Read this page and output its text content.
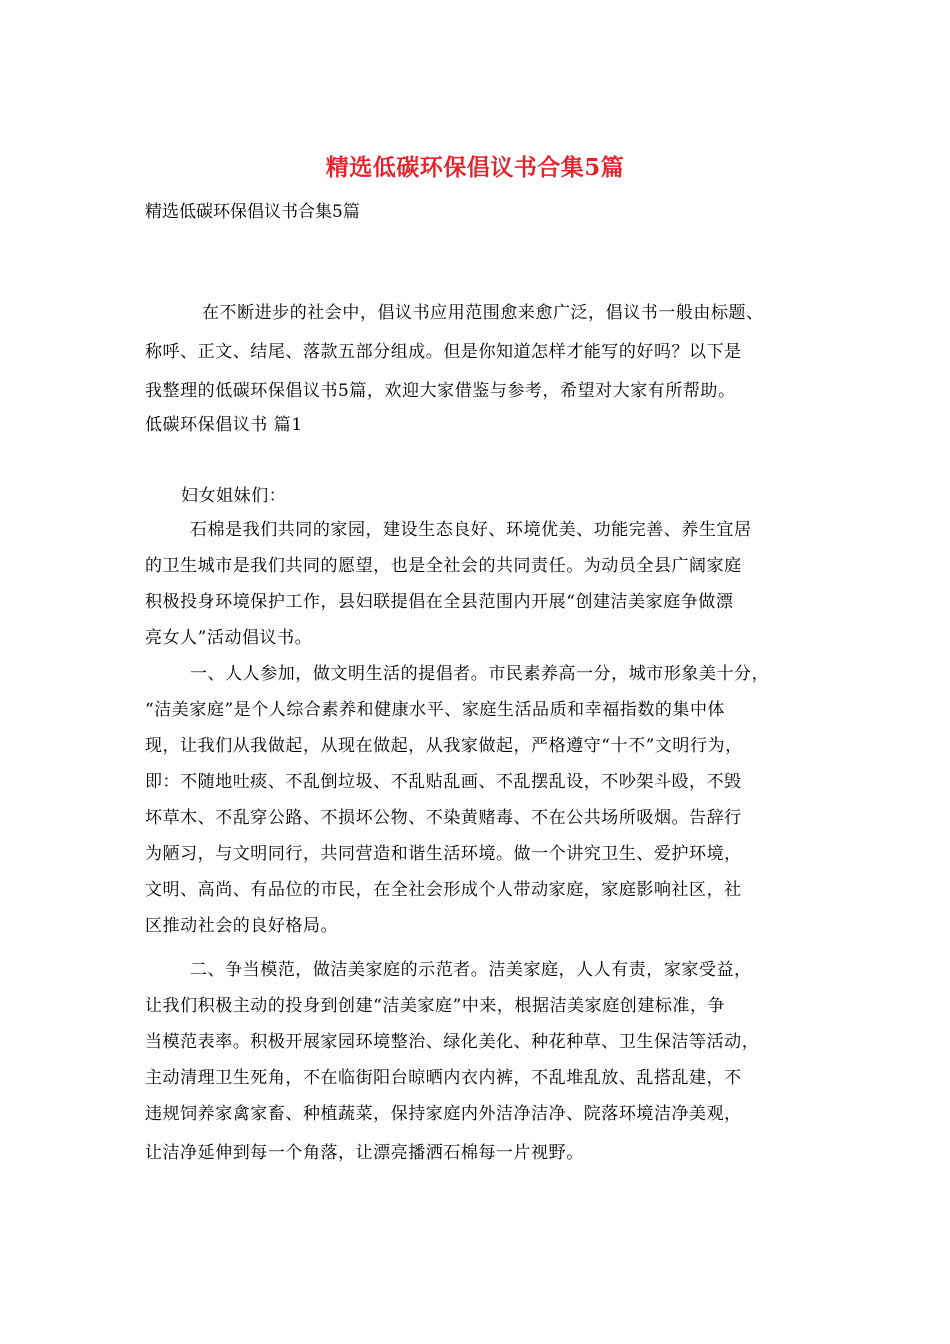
精选低碳环保倡议书合集5篇
精选低碳环保倡议书合集5篇
在不断进步的社会中，倡议书应用范围愈来愈广泛，倡议书一般由标题、
称呼、正文、结尾、落款五部分组成。但是你知道怎样才能写的好吗？以下是
我整理的低碳环保倡议书5篇，欢迎大家借鉴与参考，希望对大家有所帮助。
低碳环保倡议书 篇1
妇女姐妹们：
石棉是我们共同的家园，建设生态良好、环境优美、功能完善、养生宜居
的卫生城市是我们共同的愿望，也是全社会的共同责任。为动员全县广阔家庭
积极投身环境保护工作，县妇联提倡在全县范围内开展“创建洁美家庭争做漂
亮女人”活动倡议书。
一、人人参加，做文明生活的提倡者。市民素养高一分，城市形象美十分，
“洁美家庭”是个人综合素养和健康水平、家庭生活品质和幸福指数的集中体
现，让我们从我做起，从现在做起，从我家做起，严格遵守“十不”文明行为，
即：不随地吐痰、不乱倒垃圾、不乱贴乱画、不乱摆乱设，不吵架斗殴，不毁
坏草木、不乱穿公路、不损坏公物、不染黄赌毒、不在公共场所吸烟。告辞行
为陋习，与文明同行，共同营造和谐生活环境。做一个讲究卫生、爱护环境，
文明、高尚、有品位的市民，在全社会形成个人带动家庭，家庭影响社区，社
区推动社会的良好格局。
二、争当模范，做洁美家庭的示范者。洁美家庭，人人有责，家家受益，
让我们积极主动的投身到创建“洁美家庭”中来，根据洁美家庭创建标准，争
当模范表率。积极开展家园环境整治、绿化美化、种花种草、卫生保洁等活动，
主动清理卫生死角，不在临街阳台晾晒内衣内裤，不乱堆乱放、乱搭乱建，不
违规饲养家禽家畜、种植蔬菜，保持家庭内外洁净洁净、院落环境洁净美观，
让洁净延伸到每一个角落，让漂亮播洒石棉每一片视野。
